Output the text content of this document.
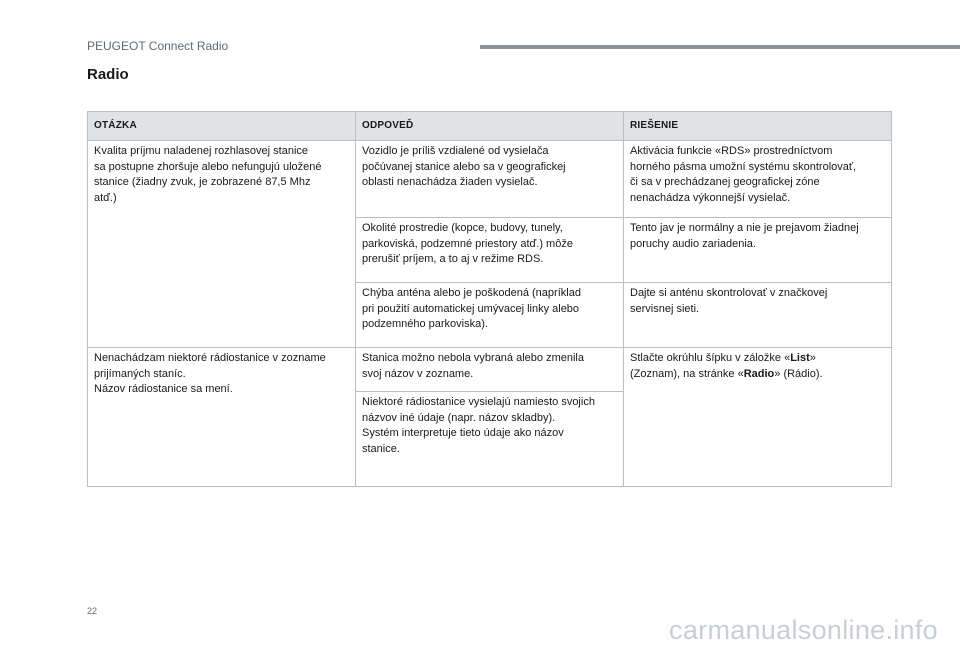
PEUGEOT Connect Radio
Radio
OTÁZKA	ODPOVEĎ	RIEŠENIE

Kvalita príjmu naladenej rozhlasovej stanice
sa postupne zhoršuje alebo nefungujú uložené
stanice (žiadny zvuk, je zobrazené 87,5 Mhz
atď.)	Vozidlo je príliš vzdialené od vysielača
počúvanej stanice alebo sa v geografickej
oblasti nenachádza žiaden vysielač.	Aktivácia funkcie «RDS» prostredníctvom
horného pásma umožní systému skontrolovať,
či sa v prechádzanej geografickej zóne
nenachádza výkonnejší vysielač.

	Okolité prostredie (kopce, budovy, tunely,
parkoviská, podzemné priestory atď.) môže
prerušiť príjem, a to aj v režime RDS.	Tento jav je normálny a nie je prejavom žiadnej
poruchy audio zariadenia.

	Chýba anténa alebo je poškodená (napríklad
pri použití automatickej umývacej linky alebo
podzemného parkoviska).	Dajte si anténu skontrolovať v značkovej
servisnej sieti.

Nenachádzam niektoré rádiostanice v zozname
prijímaných staníc.
Názov rádiostanice sa mení.	Stanica možno nebola vybraná alebo zmenila
svoj názov v zozname.	Stlačte okrúhlu šípku v záložke «List»
(Zoznam), na stránke «Radio» (Rádio).

	Niektoré rádiostanice vysielajú namiesto svojich
názvov iné údaje (napr. názov skladby).
Systém interpretuje tieto údaje ako názov
stanice.	
22
carmanualsonline.info
